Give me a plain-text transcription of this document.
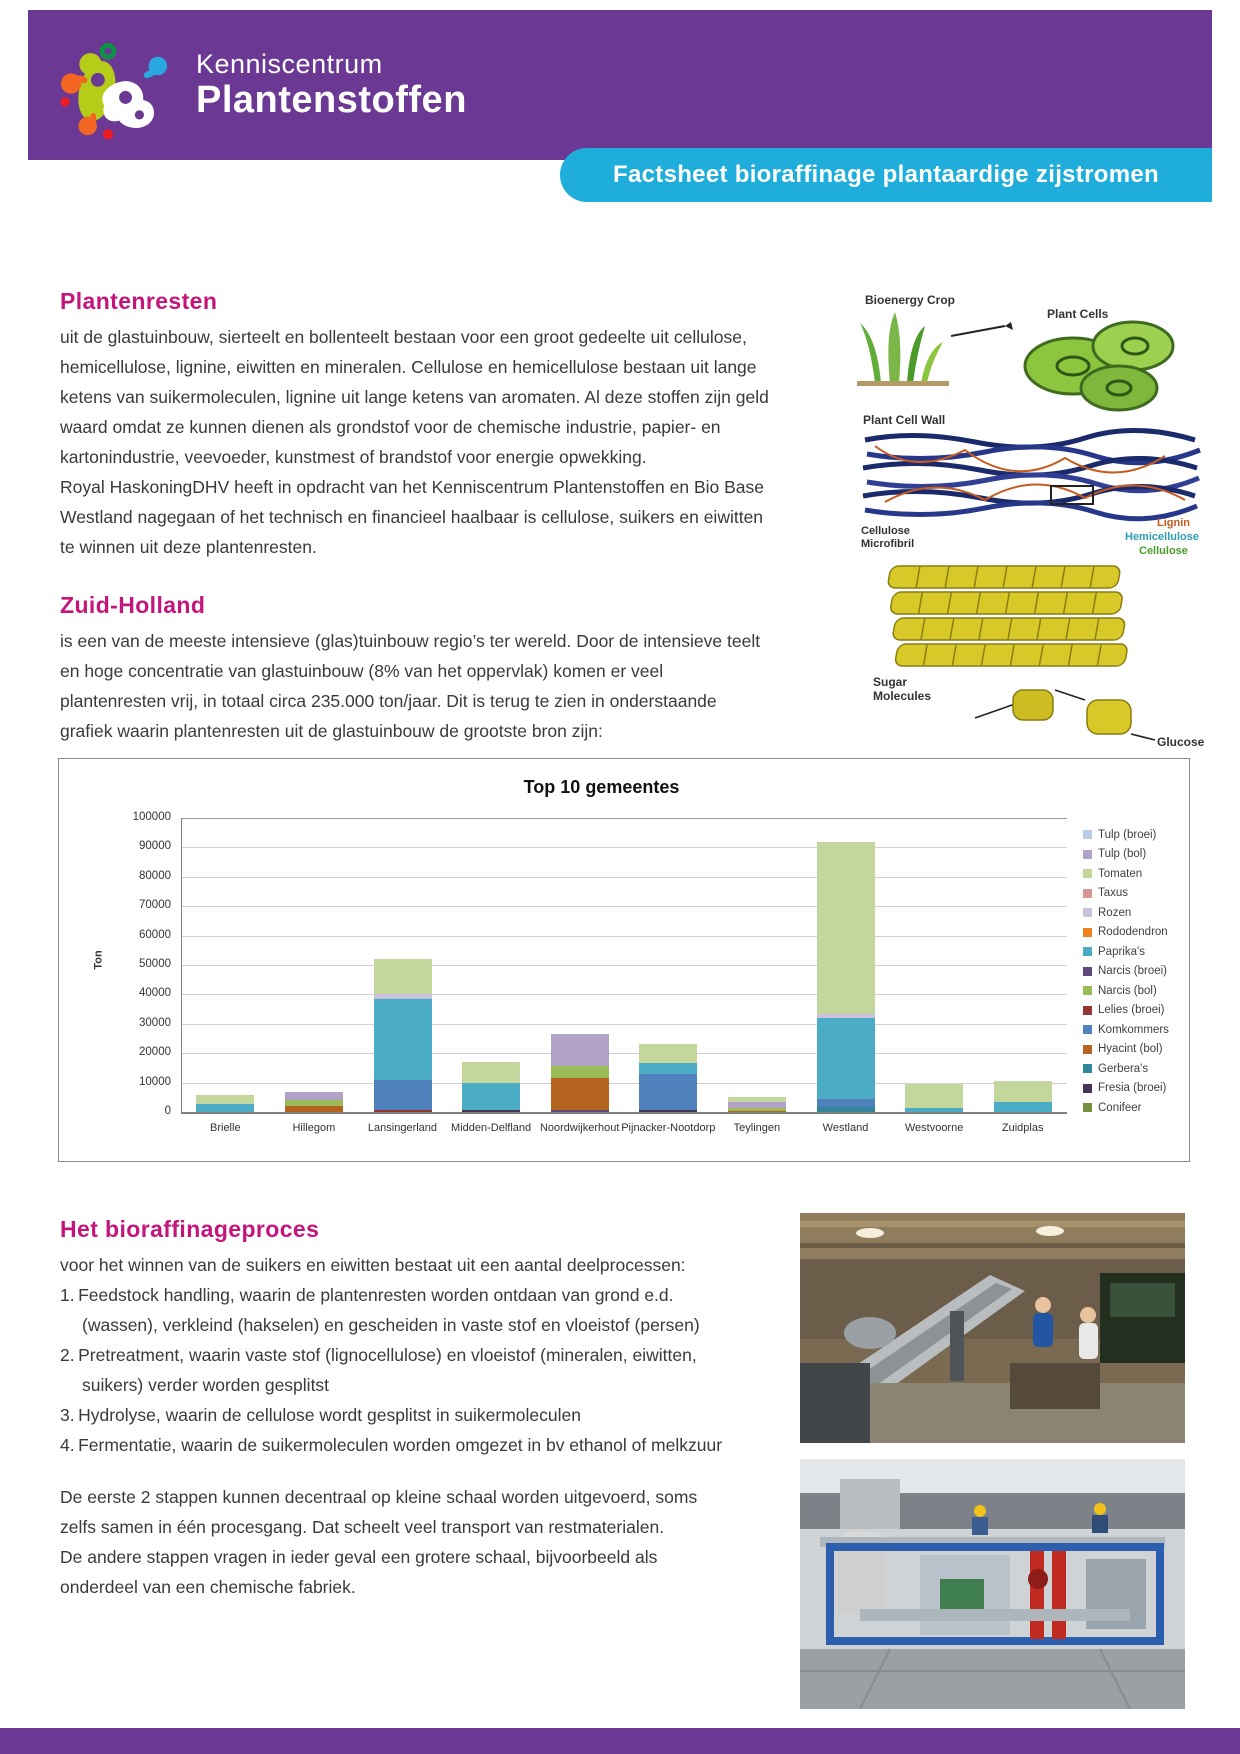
Kenniscentrum
Plantenstoffen
Factsheet bioraffinage plantaardige zijstromen
Plantenresten
uit de glastuinbouw, sierteelt en bollenteelt bestaan voor een groot gedeelte uit cellulose, hemicellulose, lignine, eiwitten en mineralen. Cellulose en hemicellulose bestaan uit lange ketens van suikermoleculen, lignine uit lange ketens van aromaten. Al deze stoffen zijn geld waard omdat ze kunnen dienen als grondstof voor de chemische industrie, papier- en kartonindustrie, veevoeder, kunstmest of brandstof voor energie opwekking.
Royal HaskoningDHV heeft in opdracht van het Kenniscentrum Plantenstoffen en Bio Base Westland nagegaan of het technisch en financieel haalbaar is cellulose, suikers en eiwitten te winnen uit deze plantenresten.
Bioenergy Crop
Plant Cells
Plant Cell Wall
Cellulose
Microfibril
Lignin
Hemicellulose
Cellulose
Sugar
Molecules
Glucose
Zuid-Holland
is een van de meeste intensieve (glas)tuinbouw regio’s ter wereld. Door de intensieve teelt en hoge concentratie van glastuinbouw (8% van het oppervlak) komen er veel plantenresten vrij, in totaal circa 235.000 ton/jaar. Dit is terug te zien in onderstaande grafiek waarin plantenresten uit de glastuinbouw de grootste bron zijn:
Top 10 gemeentes
Ton
Tulp (broei)
Tulp (bol)
Tomaten
Taxus
Rozen
Rododendron
Paprika's
Narcis (broei)
Narcis (bol)
Lelies (broei)
Komkommers
Hyacint (bol)
Gerbera's
Fresia (broei)
Conifeer
0
10000
20000
30000
40000
50000
60000
70000
80000
90000
100000
Brielle	Hillegom	Lansingerland	Midden-Delfland Noordwijkerhout Pijnacker-Nootdorp	Teylingen	Westland	Westvoorne	Zuidplas
Het bioraffinageproces
voor het winnen van de suikers en eiwitten bestaat uit een aantal deelprocessen:
1. Feedstock handling, waarin de plantenresten worden ontdaan van grond e.d. (wassen), verkleind (hakselen) en gescheiden in vaste stof en vloeistof (persen)
2. Pretreatment, waarin vaste stof (lignocellulose) en vloeistof (mineralen, eiwitten, suikers) verder worden gesplitst
3. Hydrolyse, waarin de cellulose wordt gesplitst in suikermoleculen
4. Fermentatie, waarin de suikermoleculen worden omgezet in bv ethanol of melkzuur
De eerste 2 stappen kunnen decentraal op kleine schaal worden uitgevoerd, soms zelfs samen in één procesgang. Dat scheelt veel transport van restmaterialen.
De andere stappen vragen in ieder geval een grotere schaal, bijvoorbeeld als onderdeel van een chemische fabriek.
